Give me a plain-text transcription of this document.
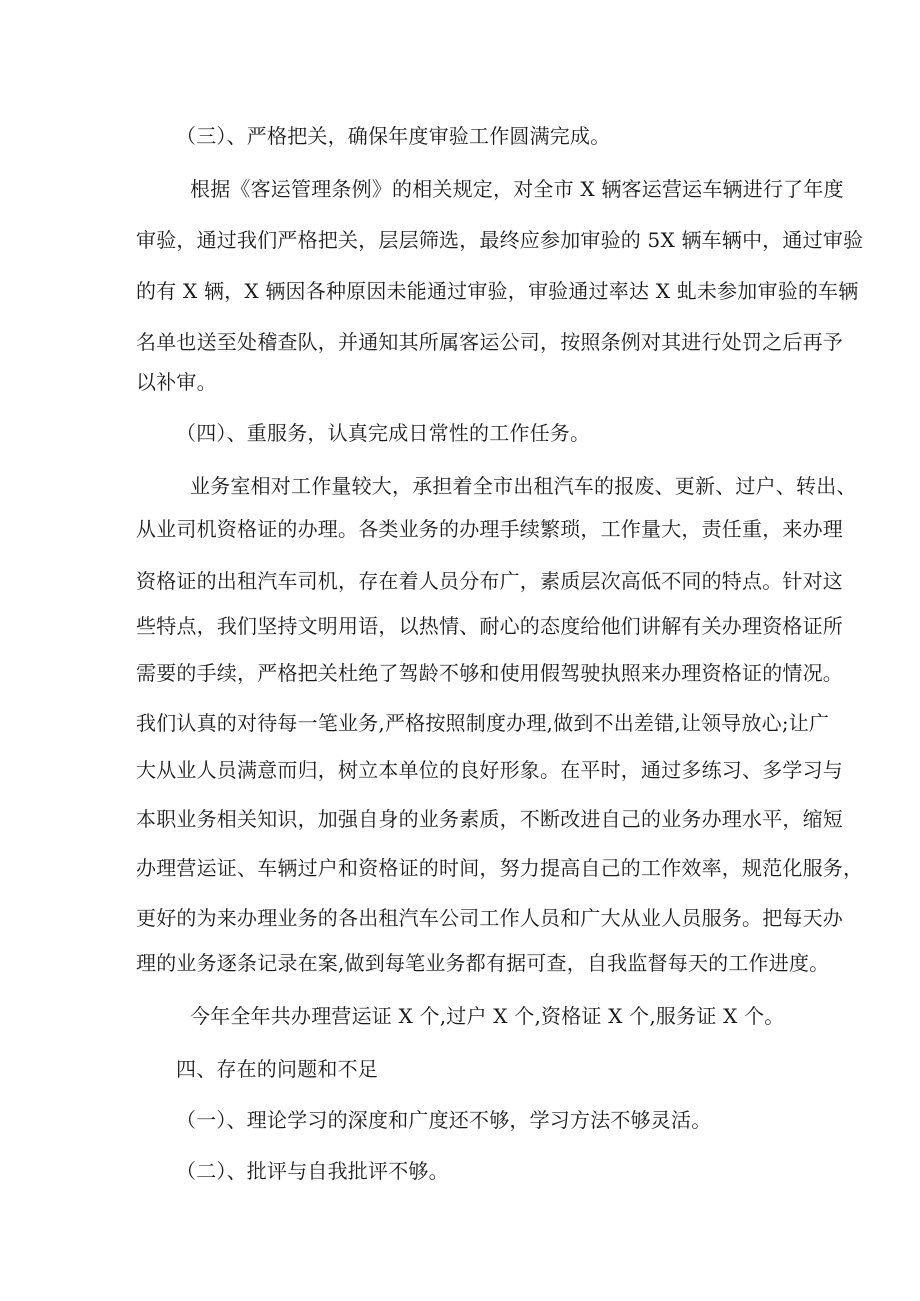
（三）、严格把关，确保年度审验工作圆满完成。

根据《客运管理条例》的相关规定，对全市 X 辆客运营运车辆进行了年度

审验，通过我们严格把关，层层筛选，最终应参加审验的 5X 辆车辆中，通过审验

的有 X 辆，X 辆因各种原因未能通过审验，审验通过率达 X 虬未参加审验的车辆

名单也送至处稽查队，并通知其所属客运公司，按照条例对其进行处罚之后再予

以补审。

（四）、重服务，认真完成日常性的工作任务。

业务室相对工作量较大，承担着全市出租汽车的报废、更新、过户、转出、

从业司机资格证的办理。各类业务的办理手续繁琐，工作量大，责任重，来办理

资格证的出租汽车司机，存在着人员分布广，素质层次高低不同的特点。针对这

些特点，我们坚持文明用语，以热情、耐心的态度给他们讲解有关办理资格证所

需要的手续，严格把关杜绝了驾龄不够和使用假驾驶执照来办理资格证的情况。

我们认真的对待每一笔业务,严格按照制度办理,做到不出差错,让领导放心;让广

大从业人员满意而归，树立本单位的良好形象。在平时，通过多练习、多学习与

本职业务相关知识，加强自身的业务素质，不断改进自己的业务办理水平，缩短

办理营运证、车辆过户和资格证的时间，努力提高自己的工作效率，规范化服务，

更好的为来办理业务的各出租汽车公司工作人员和广大从业人员服务。把每天办

理的业务逐条记录在案,做到每笔业务都有据可查，自我监督每天的工作进度。

今年全年共办理营运证 X 个,过户 X 个,资格证 X 个,服务证 X 个。

四、存在的问题和不足

（一）、理论学习的深度和广度还不够，学习方法不够灵活。

（二）、批评与自我批评不够。
